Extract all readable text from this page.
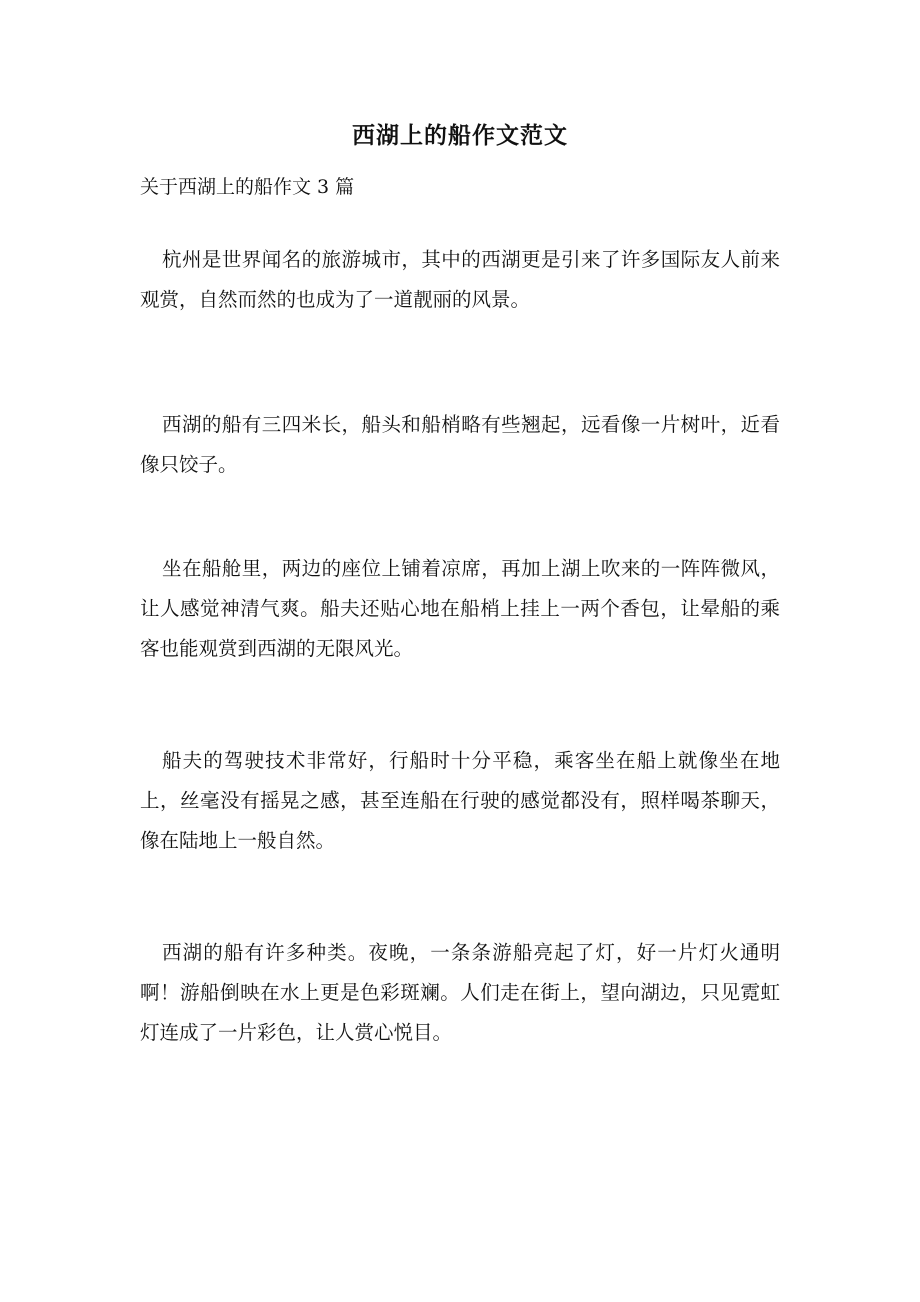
西湖上的船作文范文

关于西湖上的船作文 3 篇

杭州是世界闻名的旅游城市，其中的西湖更是引来了许多国际友人前来观赏，自然而然的也成为了一道靓丽的风景。

西湖的船有三四米长，船头和船梢略有些翘起，远看像一片树叶，近看像只饺子。

坐在船舱里，两边的座位上铺着凉席，再加上湖上吹来的一阵阵微风，让人感觉神清气爽。船夫还贴心地在船梢上挂上一两个香包，让晕船的乘客也能观赏到西湖的无限风光。

船夫的驾驶技术非常好，行船时十分平稳，乘客坐在船上就像坐在地上，丝毫没有摇晃之感，甚至连船在行驶的感觉都没有，照样喝茶聊天，像在陆地上一般自然。

西湖的船有许多种类。夜晚，一条条游船亮起了灯，好一片灯火通明啊！游船倒映在水上更是色彩斑斓。人们走在街上，望向湖边，只见霓虹灯连成了一片彩色，让人赏心悦目。
